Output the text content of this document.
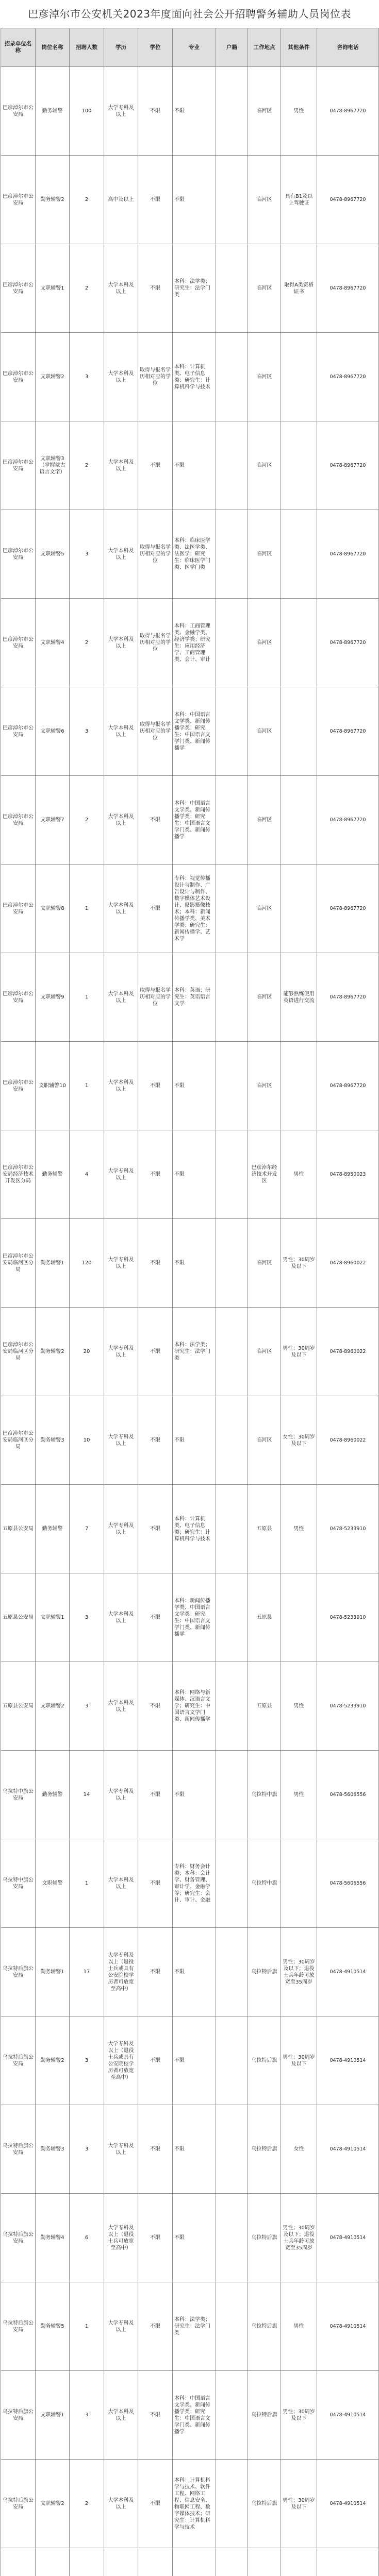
巴彦淖尔市公安机关2023年度面向社会公开招聘警务辅助人员岗位表
招录单位名称	岗位名称	招聘人数	学历	学位	专业	户籍	工作地点	其他条件	咨询电话
巴彦淖尔市公安局	勤务辅警	100	大学专科及以上	不限	不限		临河区	男性	0478-8967720
巴彦淖尔市公安局	勤务辅警2	2	高中及以上	不限	不限		临河区	具有B1及以上驾驶证	0478-8967720
巴彦淖尔市公安局	文职辅警1	2	大学本科及以上	不限	本科：法学类；研究生：法学门类		临河区	取得A类资格证书	0478-8967720
巴彦淖尔市公安局	文职辅警2	3	大学本科及以上	取得与报名学历相对应的学位	本科：计算机类、电子信息类；研究生：计算机科学与技术		临河区		0478-8967720
巴彦淖尔市公安局	文职辅警3（掌握蒙古语言文字）	2	大学本科及以上	不限	不限		临河区		0478-8967720
巴彦淖尔市公安局	文职辅警5	3	大学本科及以上	取得与报名学历相对应的学位	本科：临床医学类、法医学类、法医学；研究生：临床医学门类、医学门类		临河区		0478-8967720
巴彦淖尔市公安局	文职辅警4	2	大学本科及以上	取得与报名学历相对应的学位	本科：工商管理类、金融学类、经济学类；研究生：应用经济学、工商管理类、会计、审计		临河区		0478-8967720
巴彦淖尔市公安局	文职辅警6	3	大学本科及以上	取得与报名学历相对应的学位	本科：中国语言文学类、新闻传播学类；研究生：中国语言文学门类、新闻传播学		临河区		0478-8967720
巴彦淖尔市公安局	文职辅警7	2	大学本科及以上	不限	本科：中国语言文学类、新闻传播学类；研究生：中国语言文学门类、新闻传播学		临河区		0478-8967720
巴彦淖尔市公安局	文职辅警8	1	大学本科及以上	不限	专科：视觉传播设计与制作、广告设计与制作、数字媒体艺术设计、摄影摄像技术；本科：新闻传播学类、美术学类；研究生：新闻传播学、艺术学		临河区		0478-8967720
巴彦淖尔市公安局	文职辅警9	1	大学本科及以上	取得与报名学历相对应的学位	本科：英语；研究生：英语语言文学		临河区	能够熟练使用英语进行交流	0478-8967720
巴彦淖尔市公安局	文职辅警10	1	大学本科及以上	不限	不限		临河区		0478-8967720
巴彦淖尔市公安局经济技术开发区分局	勤务辅警	4	大学专科及以上	不限	不限		巴彦淖尔经济技术开发区	男性	0478-8950023
巴彦淖尔市公安局临河区分局	勤务辅警1	120	大学专科及以上	不限	不限		临河区	男性；30周岁及以下	0478-8960022
巴彦淖尔市公安局临河区分局	勤务辅警2	20	大学专科及以上	不限	本科：法学类；研究生：法学门类		临河区	男性；30周岁及以下	0478-8960022
巴彦淖尔市公安局临河区分局	勤务辅警3	10	大学专科及以上	不限	不限		临河区	女性；30周岁及以下	0478-8960022
五原县公安局	勤务辅警	7	大学专科及以上	不限	本科：计算机类、电子信息类；研究生：计算机科学与技术		五原县	男性	0478-5233910
五原县公安局	文职辅警1	3	大学本科及以上	不限	本科：新闻传播学类、中国语言文学类；研究生：中国语言文学门类、新闻传播学		五原县		0478-5233910
五原县公安局	文职辅警2	3	大学本科及以上	不限	本科：网络与新媒体、汉语言文学；研究生：中国语言文学门类、新闻传播学		五原县	男性	0478-5233910
乌拉特中旗公安局	勤务辅警	14	大学专科及以上	不限	不限		乌拉特中旗	男性	0478-5606556
乌拉特中旗公安局	文职辅警	1	大学本科及以上	不限	专科：财务会计类；本科：会计学、财务管理、审计学、金融学等；研究生：会计、审计、金融		乌拉特中旗		0478-5606556
乌拉特后旗公安局	勤务辅警1	17	大学专科及以上（退役士兵或具有公安院校学历者可放宽至高中）	不限	不限		乌拉特后旗	男性；30周岁及以下；退役士兵年龄可放宽至35周岁	0478-4910514
乌拉特后旗公安局	勤务辅警2	3	大学专科及以上（退役士兵或具有公安院校学历者可放宽至高中）	不限	不限		乌拉特后旗	男性；30周岁及以下	0478-4910514
乌拉特后旗公安局	勤务辅警3	3	大学专科及以上	不限	不限		乌拉特后旗	女性	0478-4910514
乌拉特后旗公安局	勤务辅警4	6	大学专科及以上（退役士兵可放宽至高中）	不限	不限		乌拉特后旗	男性；30周岁及以下；退役士兵年龄可放宽至35周岁	0478-4910514
乌拉特后旗公安局	勤务辅警5	1	大学专科及以上	不限	本科：法学类；研究生：法学门类		乌拉特后旗	男性	0478-4910514
乌拉特后旗公安局	文职辅警1	3	大学本科及以上	不限	本科：中国语言文学类、新闻传播学类；研究生：中国语言文学门类、新闻传播学		乌拉特后旗	男性；30周岁及以下	0478-4910514
乌拉特后旗公安局	文职辅警2	2	大学本科及以上	不限	本科：计算机科学与技术、软件工程、网络工程、信息安全、物联网工程、数字媒体技术；研究生：计算机科学与技术		乌拉特后旗	男性；30周岁及以下	0478-4910514
